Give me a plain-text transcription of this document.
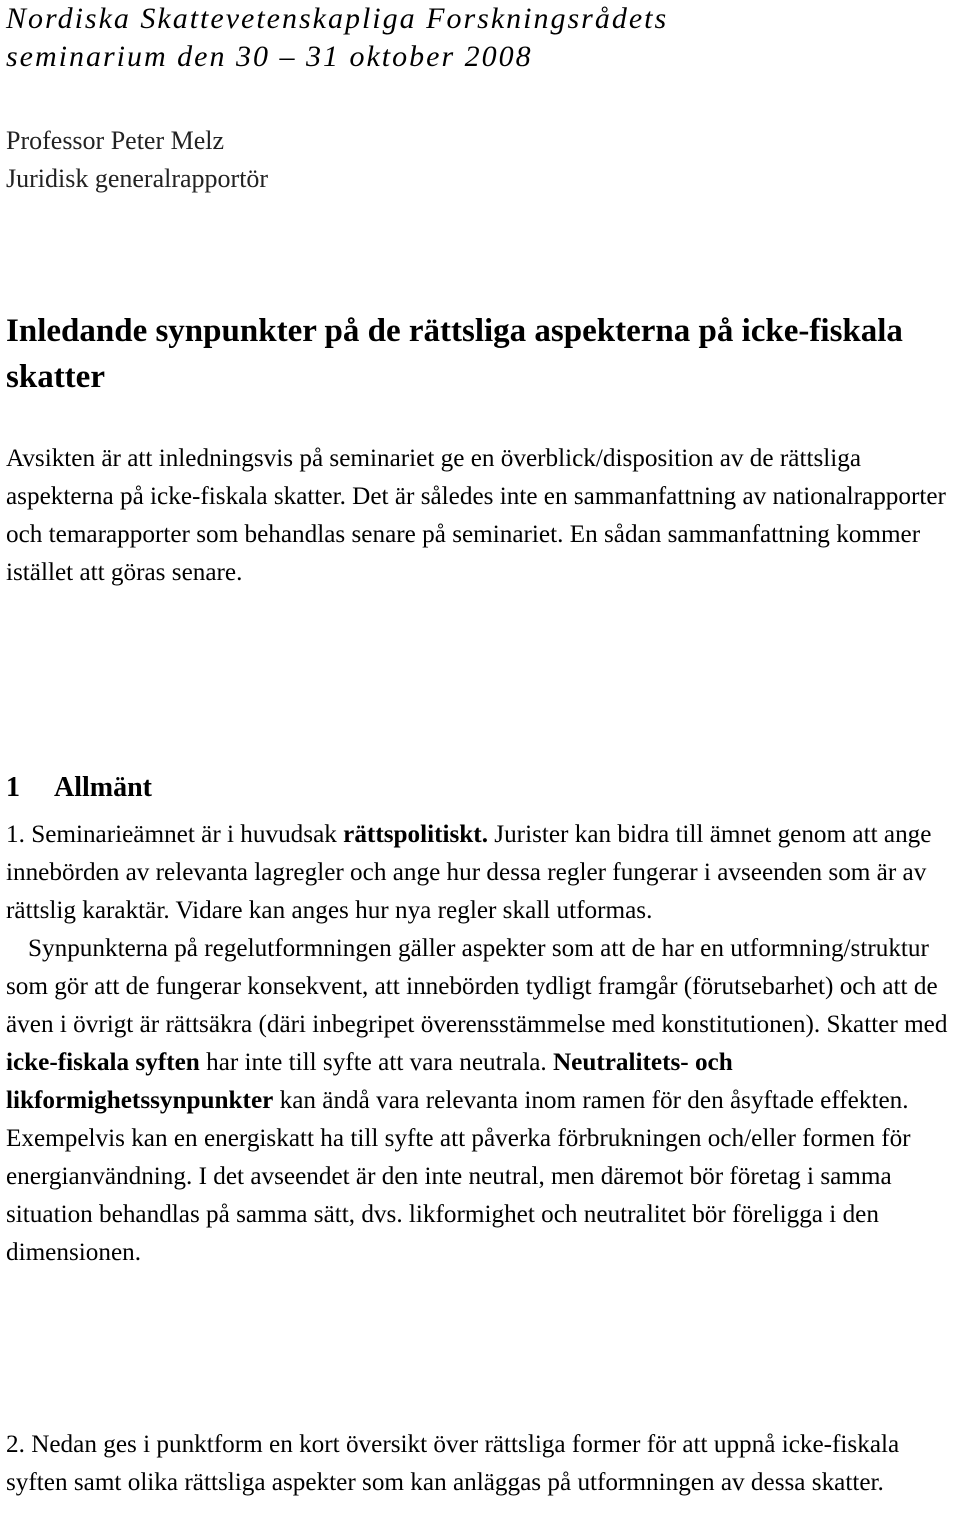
Nordiska Skattevetenskapliga Forskningsrådets
seminarium den 30 – 31 oktober 2008
Professor Peter Melz
Juridisk generalrapportör
Inledande synpunkter på de rättsliga aspekterna på icke-fiskala skatter

Avsikten är att inledningsvis på seminariet ge en överblick/disposition av de rättsliga aspekterna på icke-fiskala skatter. Det är således inte en sammanfattning av nationalrapporter och temarapporter som behandlas senare på seminariet. En sådan sammanfattning kommer istället att göras senare.

1 Allmänt

1. Seminarieämnet är i huvudsak rättspolitiskt. Jurister kan bidra till ämnet genom att ange innebörden av relevanta lagregler och ange hur dessa regler fungerar i avseenden som är av rättslig karaktär. Vidare kan anges hur nya regler skall utformas.

Synpunkterna på regelutformningen gäller aspekter som att de har en utformning/struktur som gör att de fungerar konsekvent, att innebörden tydligt framgår (förutsebarhet) och att de även i övrigt är rättsäkra (däri inbegripet överensstämmelse med konstitutionen). Skatter med icke-fiskala syften har inte till syfte att vara neutrala. Neutralitets- och likformighetssynpunkter kan ändå vara relevanta inom ramen för den åsyftade effekten. Exempelvis kan en energiskatt ha till syfte att påverka förbrukningen och/eller formen för energianvändning. I det avseendet är den inte neutral, men däremot bör företag i samma situation behandlas på samma sätt, dvs. likformighet och neutralitet bör föreligga i den dimensionen.

2. Nedan ges i punktform en kort översikt över rättsliga former för att uppnå icke-fiskala syften samt olika rättsliga aspekter som kan anläggas på utformningen av dessa skatter.
